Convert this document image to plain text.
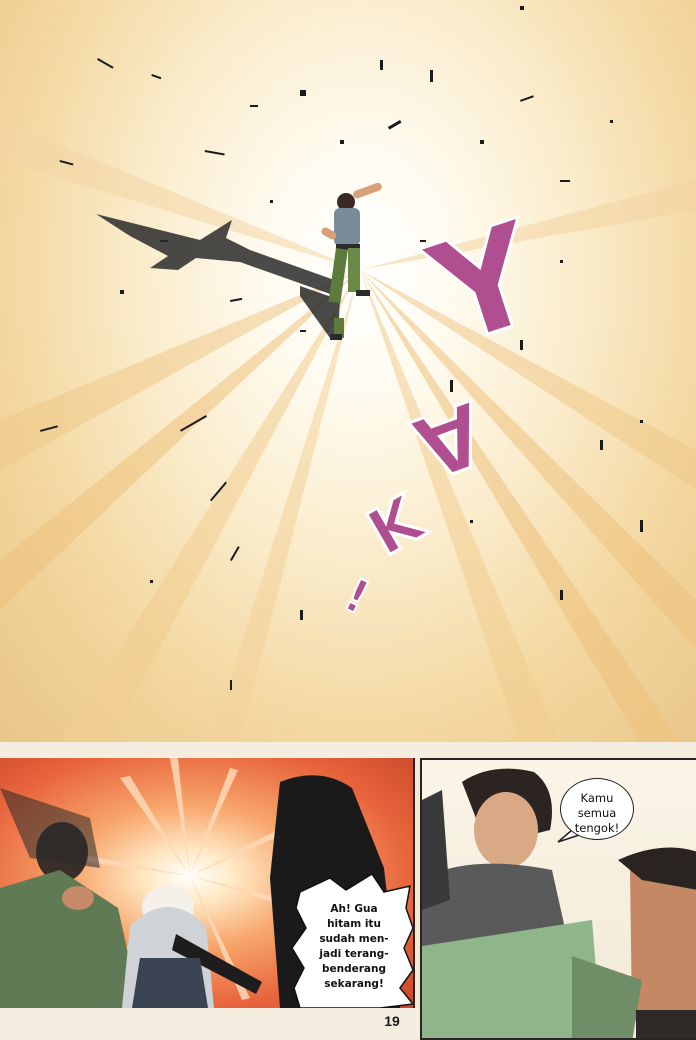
Y
A
K
!
Ah! Gua
hitam itu
sudah men-
jadi terang-
benderang
sekarang!
Kamu
semua
tengok!
19
